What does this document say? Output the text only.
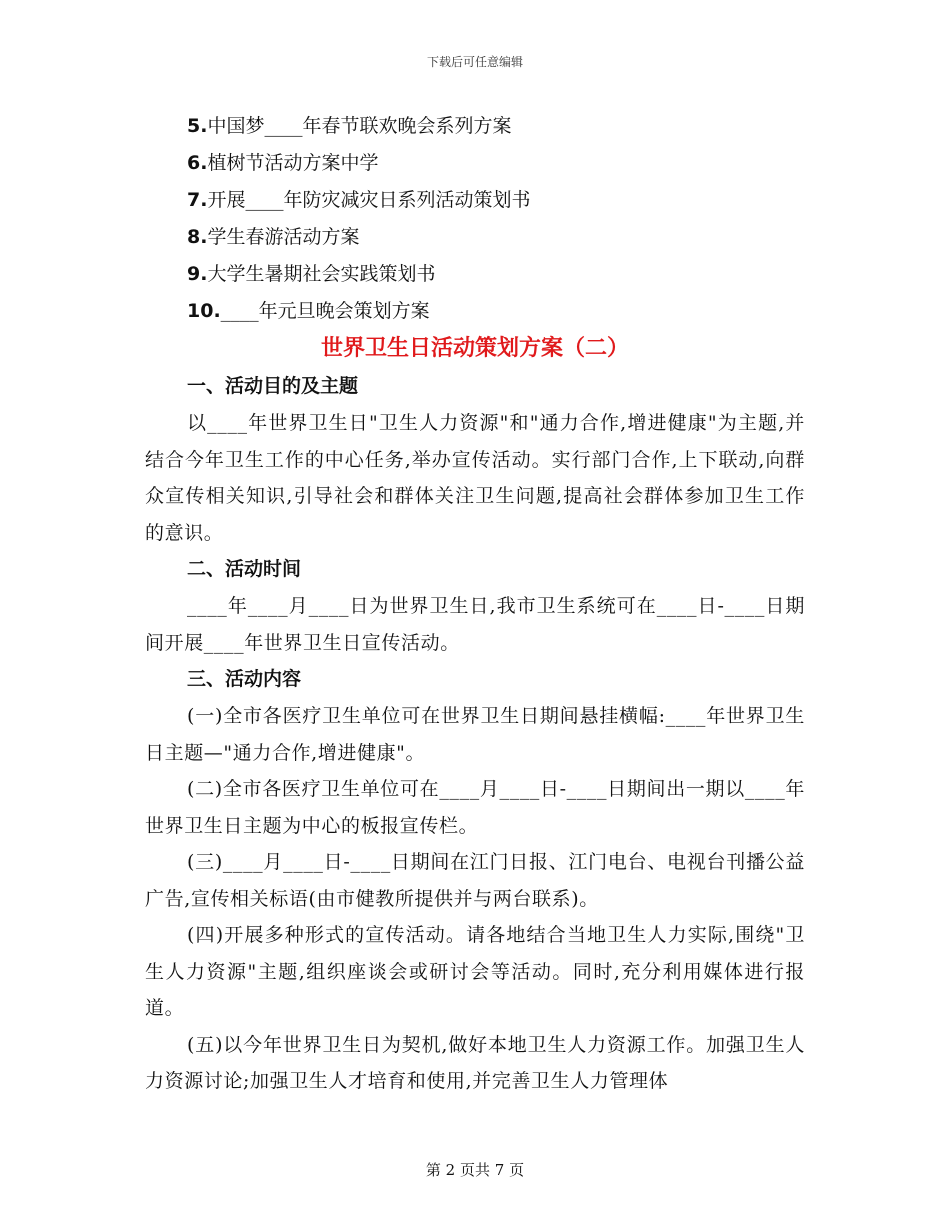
下载后可任意编辑
5.中国梦____年春节联欢晚会系列方案
6.植树节活动方案中学
7.开展____年防灾减灾日系列活动策划书
8.学生春游活动方案
9.大学生暑期社会实践策划书
10.____年元旦晚会策划方案
世界卫生日活动策划方案（二）
一、活动目的及主题

以____年世界卫生日"卫生人力资源"和"通力合作,增进健康"为主题,并结合今年卫生工作的中心任务,举办宣传活动。实行部门合作,上下联动,向群众宣传相关知识,引导社会和群体关注卫生问题,提高社会群体参加卫生工作的意识。

二、活动时间

____年____月____日为世界卫生日,我市卫生系统可在____日-____日期间开展____年世界卫生日宣传活动。

三、活动内容

(一)全市各医疗卫生单位可在世界卫生日期间悬挂横幅:____年世界卫生日主题—"通力合作,增进健康"。

(二)全市各医疗卫生单位可在____月____日-____日期间出一期以____年世界卫生日主题为中心的板报宣传栏。

(三)____月____日-____日期间在江门日报、江门电台、电视台刊播公益广告,宣传相关标语(由市健教所提供并与两台联系)。

(四)开展多种形式的宣传活动。请各地结合当地卫生人力实际,围绕"卫生人力资源"主题,组织座谈会或研讨会等活动。同时,充分利用媒体进行报道。

(五)以今年世界卫生日为契机,做好本地卫生人力资源工作。加强卫生人力资源讨论;加强卫生人才培育和使用,并完善卫生人力管理体

第 2 页共 7 页
